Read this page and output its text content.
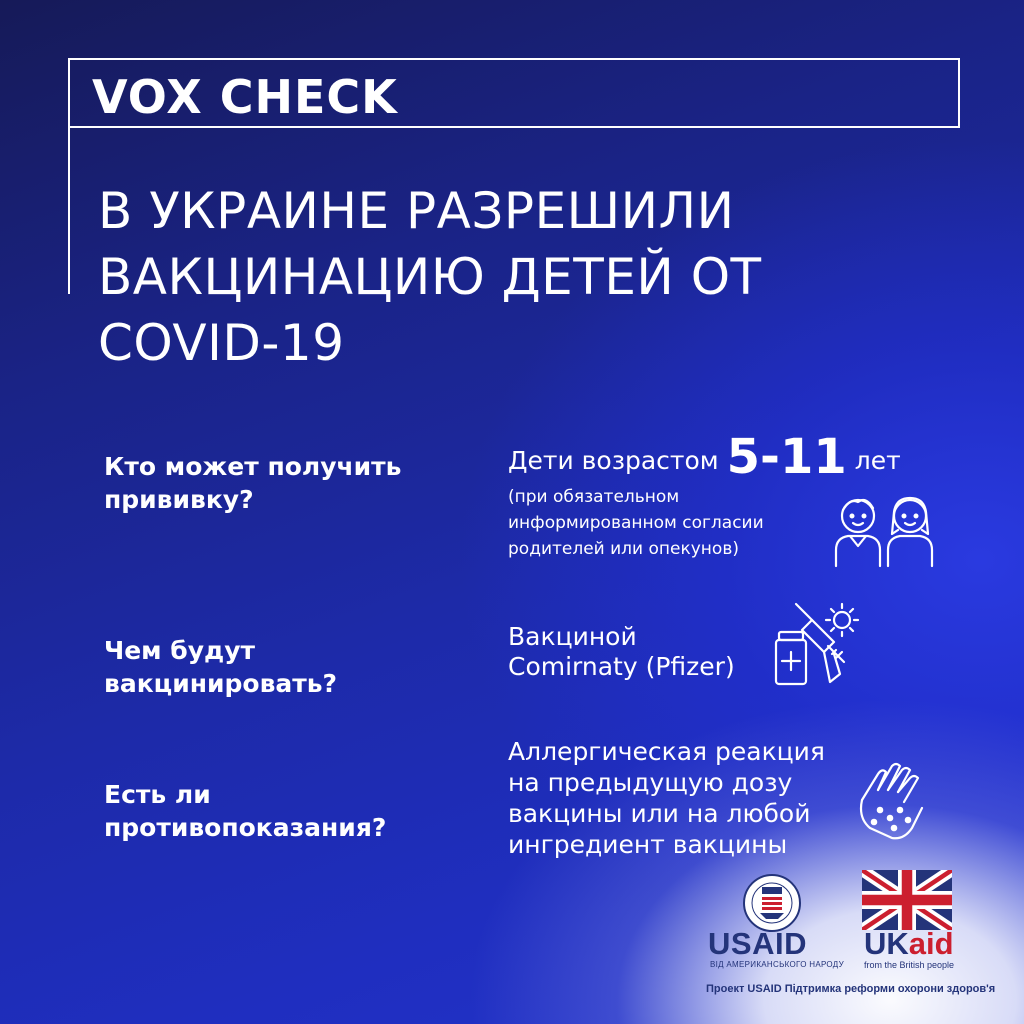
VOX CHECK
В УКРАИНЕ РАЗРЕШИЛИ
ВАКЦИНАЦИЮ ДЕТЕЙ ОТ
COVID-19
Кто может получить
прививку?
Дети возрастом 5-11 лет
(при обязательном
информированном согласии
родителей или опекунов)
Чем будут
вакцинировать?
Вакциной
Comirnaty (Pfizer)
Есть ли
противопоказания?
Аллергическая реакция
на предыдущую дозу
вакцины или на любой
ингредиент вакцины
USAID
ВІД АМЕРИКАНСЬКОГО НАРОДУ
UKaid
from the British people
Проект USAID Підтримка реформи охорони здоров'я
